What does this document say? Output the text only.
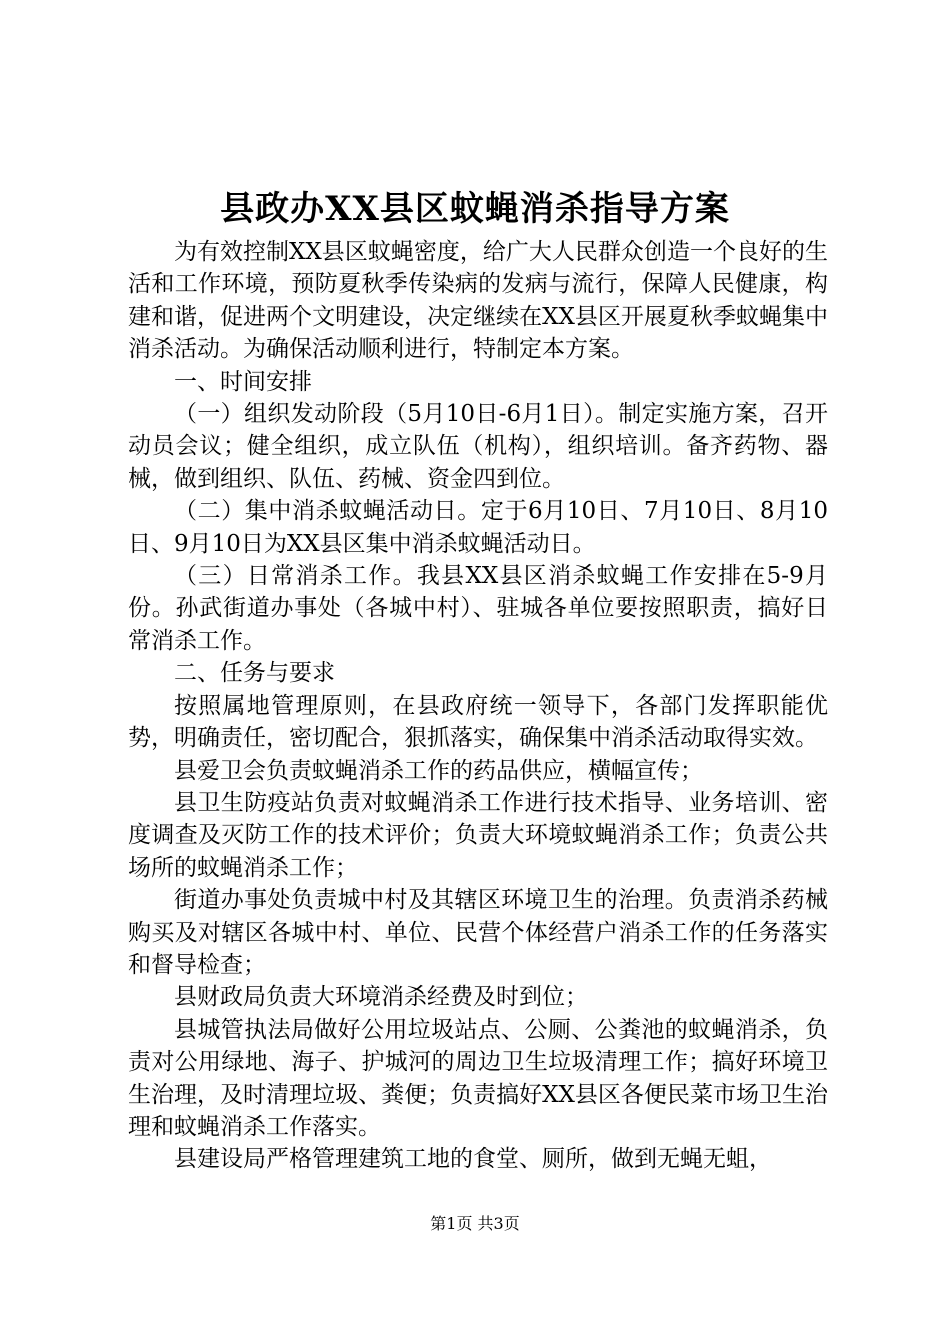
县政办XX县区蚊蝇消杀指导方案

为有效控制XX县区蚊蝇密度，给广大人民群众创造一个良好的生活和工作环境，预防夏秋季传染病的发病与流行，保障人民健康，构建和谐，促进两个文明建设，决定继续在XX县区开展夏秋季蚊蝇集中消杀活动。为确保活动顺利进行，特制定本方案。

一、时间安排

（一）组织发动阶段（5月10日-6月1日）。制定实施方案，召开动员会议；健全组织，成立队伍（机构），组织培训。备齐药物、器械，做到组织、队伍、药械、资金四到位。

（二）集中消杀蚊蝇活动日。定于6月10日、7月10日、8月10日、9月10日为XX县区集中消杀蚊蝇活动日。

（三）日常消杀工作。我县XX县区消杀蚊蝇工作安排在5-9月份。孙武街道办事处（各城中村）、驻城各单位要按照职责，搞好日常消杀工作。

二、任务与要求

按照属地管理原则，在县政府统一领导下，各部门发挥职能优势，明确责任，密切配合，狠抓落实，确保集中消杀活动取得实效。

县爱卫会负责蚊蝇消杀工作的药品供应，横幅宣传；

县卫生防疫站负责对蚊蝇消杀工作进行技术指导、业务培训、密度调查及灭防工作的技术评价；负责大环境蚊蝇消杀工作；负责公共场所的蚊蝇消杀工作；

街道办事处负责城中村及其辖区环境卫生的治理。负责消杀药械购买及对辖区各城中村、单位、民营个体经营户消杀工作的任务落实和督导检查；

县财政局负责大环境消杀经费及时到位；

县城管执法局做好公用垃圾站点、公厕、公粪池的蚊蝇消杀，负责对公用绿地、海子、护城河的周边卫生垃圾清理工作；搞好环境卫生治理，及时清理垃圾、粪便；负责搞好XX县区各便民菜市场卫生治理和蚊蝇消杀工作落实。

县建设局严格管理建筑工地的食堂、厕所，做到无蝇无蛆，

第1页 共3页
